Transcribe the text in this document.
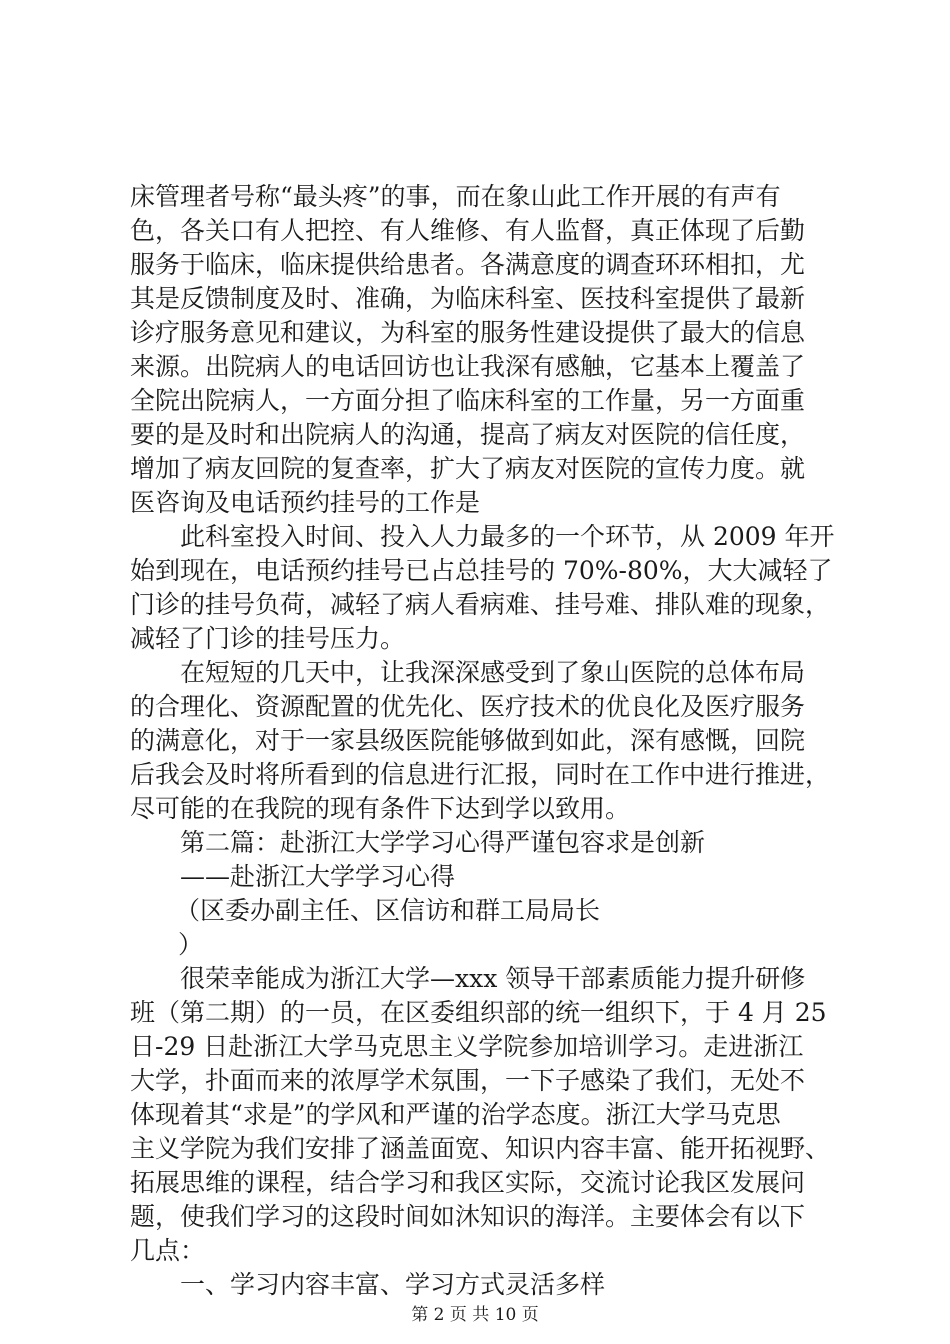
床管理者号称“最头疼”的事，而在象山此工作开展的有声有
色，各关口有人把控、有人维修、有人监督，真正体现了后勤
服务于临床，临床提供给患者。各满意度的调查环环相扣，尤
其是反馈制度及时、准确，为临床科室、医技科室提供了最新
诊疗服务意见和建议，为科室的服务性建设提供了最大的信息
来源。出院病人的电话回访也让我深有感触，它基本上覆盖了
全院出院病人，一方面分担了临床科室的工作量，另一方面重
要的是及时和出院病人的沟通，提高了病友对医院的信任度，
增加了病友回院的复查率，扩大了病友对医院的宣传力度。就
医咨询及电话预约挂号的工作是
此科室投入时间、投入人力最多的一个环节，从 2009 年开
始到现在，电话预约挂号已占总挂号的 70%-80%，大大减轻了
门诊的挂号负荷，减轻了病人看病难、挂号难、排队难的现象，
减轻了门诊的挂号压力。
在短短的几天中，让我深深感受到了象山医院的总体布局
的合理化、资源配置的优先化、医疗技术的优良化及医疗服务
的满意化，对于一家县级医院能够做到如此，深有感慨，回院
后我会及时将所看到的信息进行汇报，同时在工作中进行推进，
尽可能的在我院的现有条件下达到学以致用。
第二篇：赴浙江大学学习心得严谨包容求是创新
——赴浙江大学学习心得
（区委办副主任、区信访和群工局局长
）
很荣幸能成为浙江大学—xxx 领导干部素质能力提升研修
班（第二期）的一员，在区委组织部的统一组织下，于 4 月 25
日-29 日赴浙江大学马克思主义学院参加培训学习。走进浙江
大学，扑面而来的浓厚学术氛围，一下子感染了我们，无处不
体现着其“求是”的学风和严谨的治学态度。浙江大学马克思
主义学院为我们安排了涵盖面宽、知识内容丰富、能开拓视野、
拓展思维的课程，结合学习和我区实际，交流讨论我区发展问
题，使我们学习的这段时间如沐知识的海洋。主要体会有以下
几点：
一、学习内容丰富、学习方式灵活多样
第 2 页 共 10 页
